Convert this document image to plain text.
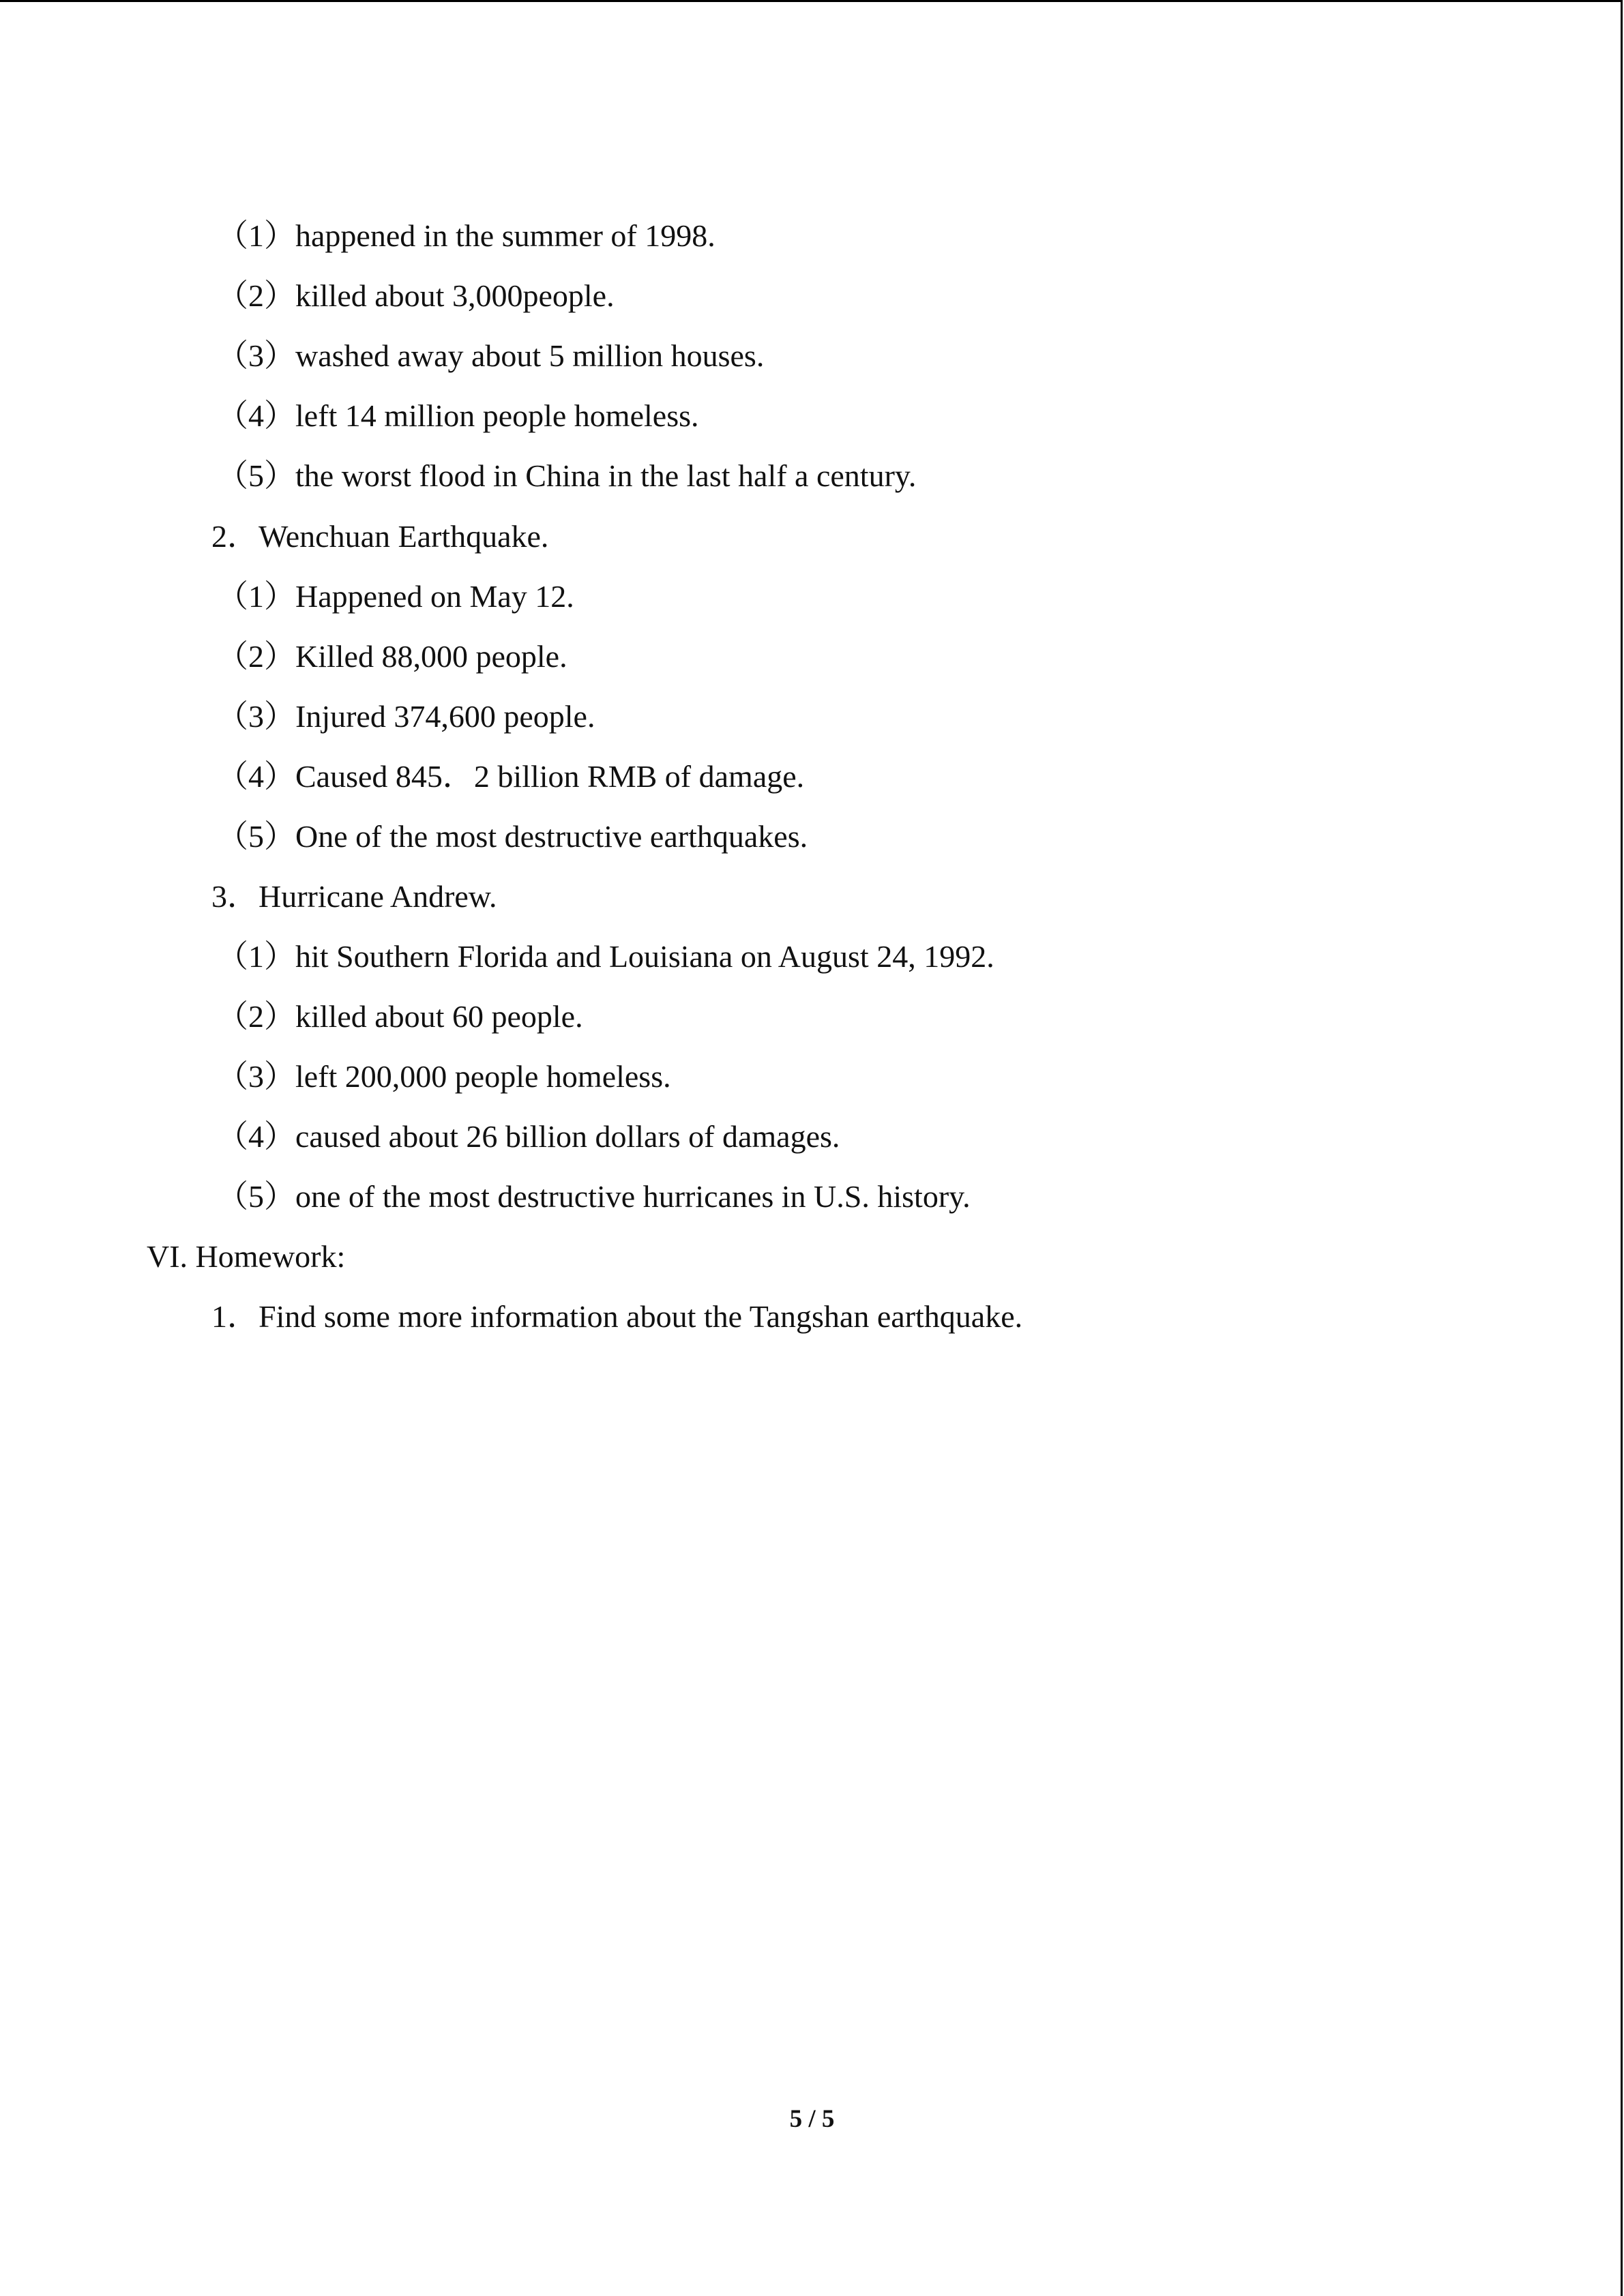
（1）happened in the summer of 1998.
（2）killed about 3,000people.
（3）washed away about 5 million houses.
（4）left 14 million people homeless.
（5）the worst flood in China in the last half a century.
2．Wenchuan Earthquake.
（1）Happened on May 12.
（2）Killed 88,000 people.
（3）Injured 374,600 people.
（4）Caused 845．2 billion RMB of damage.
（5）One of the most destructive earthquakes.
3．Hurricane Andrew.
（1）hit Southern Florida and Louisiana on August 24, 1992.
（2）killed about 60 people.
（3）left 200,000 people homeless.
（4）caused about 26 billion dollars of damages.
（5）one of the most destructive hurricanes in U.S. history.
VI. Homework:
1．Find some more information about the Tangshan earthquake.
5 / 5
